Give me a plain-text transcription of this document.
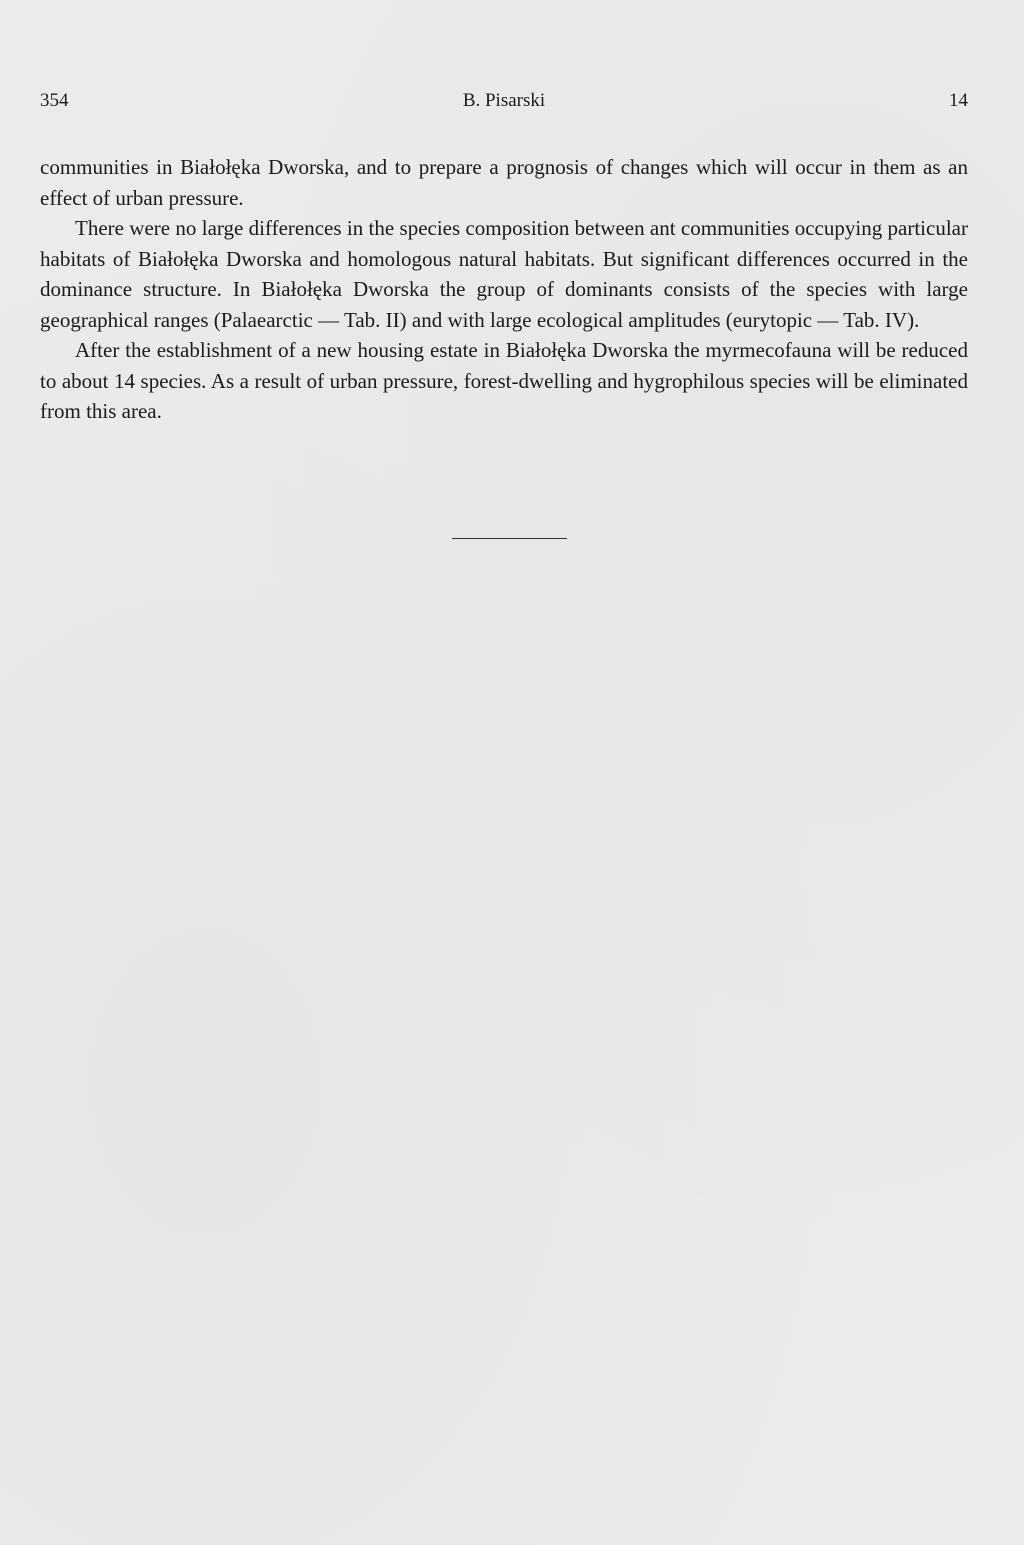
354	B. Pisarski	14

communities in Białołęka Dworska, and to prepare a prognosis of changes which will occur in them as an effect of urban pressure.

There were no large differences in the species composition between ant communities occupying particular habitats of Białołęka Dworska and homologous natural habitats. But significant differences occurred in the dominance structure. In Białołęka Dworska the group of dominants consists of the species with large geographical ranges (Palaearctic — Tab. II) and with large ecological amplitudes (eurytopic — Tab. IV).

After the establishment of a new housing estate in Białołęka Dworska the myrmecofauna will be reduced to about 14 species. As a result of urban pressure, forest-dwelling and hygrophilous species will be eliminated from this area.
